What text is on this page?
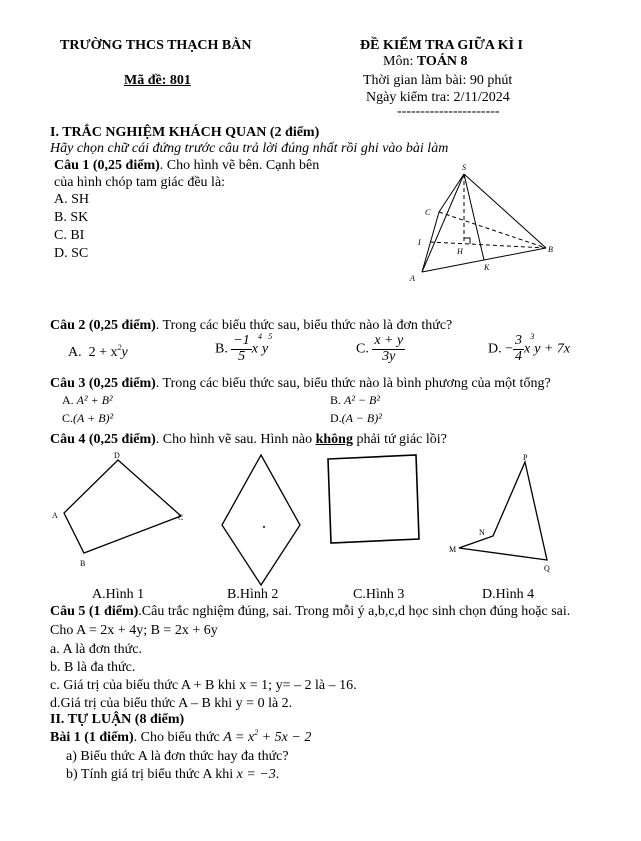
TRƯỜNG THCS THẠCH BÀN	ĐỀ KIỂM TRA GIỮA KÌ I
Môn: TOÁN 8
Mã đề: 801	Thời gian làm bài: 90 phút
Ngày kiểm tra: 2/11/2024
----------------------
I. TRẮC NGHIỆM KHÁCH QUAN (2 điểm)
Hãy chọn chữ cái đứng trước câu trả lời đúng nhất rồi ghi vào bài làm
Câu 1 (0,25 điểm). Cho hình vẽ bên. Cạnh bên
của hình chóp tam giác đều là:
A. SH
B. SK
C. BI
D. SC
S
C
I
H	B
K
A
Câu 2 (0,25 điểm). Trong các biểu thức sau, biểu thức nào là đơn thức?
A. $2 + x^2y$	B. $\frac{-1}{5} x^4y^5$
C. $\frac{x + y}{3y}$	D. − $\frac{3}{4} x^3y + 7x$
Câu 3 (0,25 điểm). Trong các biểu thức sau, biểu thức nào là bình phương của một tổng?
A. A² + B²	B. A² − B²
C.(A + B)²	D.(A − B)²
Câu 4 (0,25 điểm). Cho hình vẽ sau. Hình nào không phải tứ giác lồi?
D
A	C
B
P
N
M
Q
A.Hình 1	B.Hình 2	C.Hình 3	D.Hình 4
Câu 5 (1 điểm).Câu trắc nghiệm đúng, sai. Trong mỗi ý a,b,c,d học sinh chọn đúng hoặc sai.
Cho A = 2x + 4y; B = 2x + 6y
a. A là đơn thức.
b. B là đa thức.
c. Giá trị của biểu thức A + B khi x = 1; y= – 2 là – 16.
d.Giá trị của biểu thức A – B khi y = 0 là 2.
II. TỰ LUẬN (8 điểm)
Bài 1 (1 điểm). Cho biểu thức $A = x^2 + 5x - 2$
a) Biểu thức A là đơn thức hay đa thức?
b) Tính giá trị biểu thức A khi x = −3.
